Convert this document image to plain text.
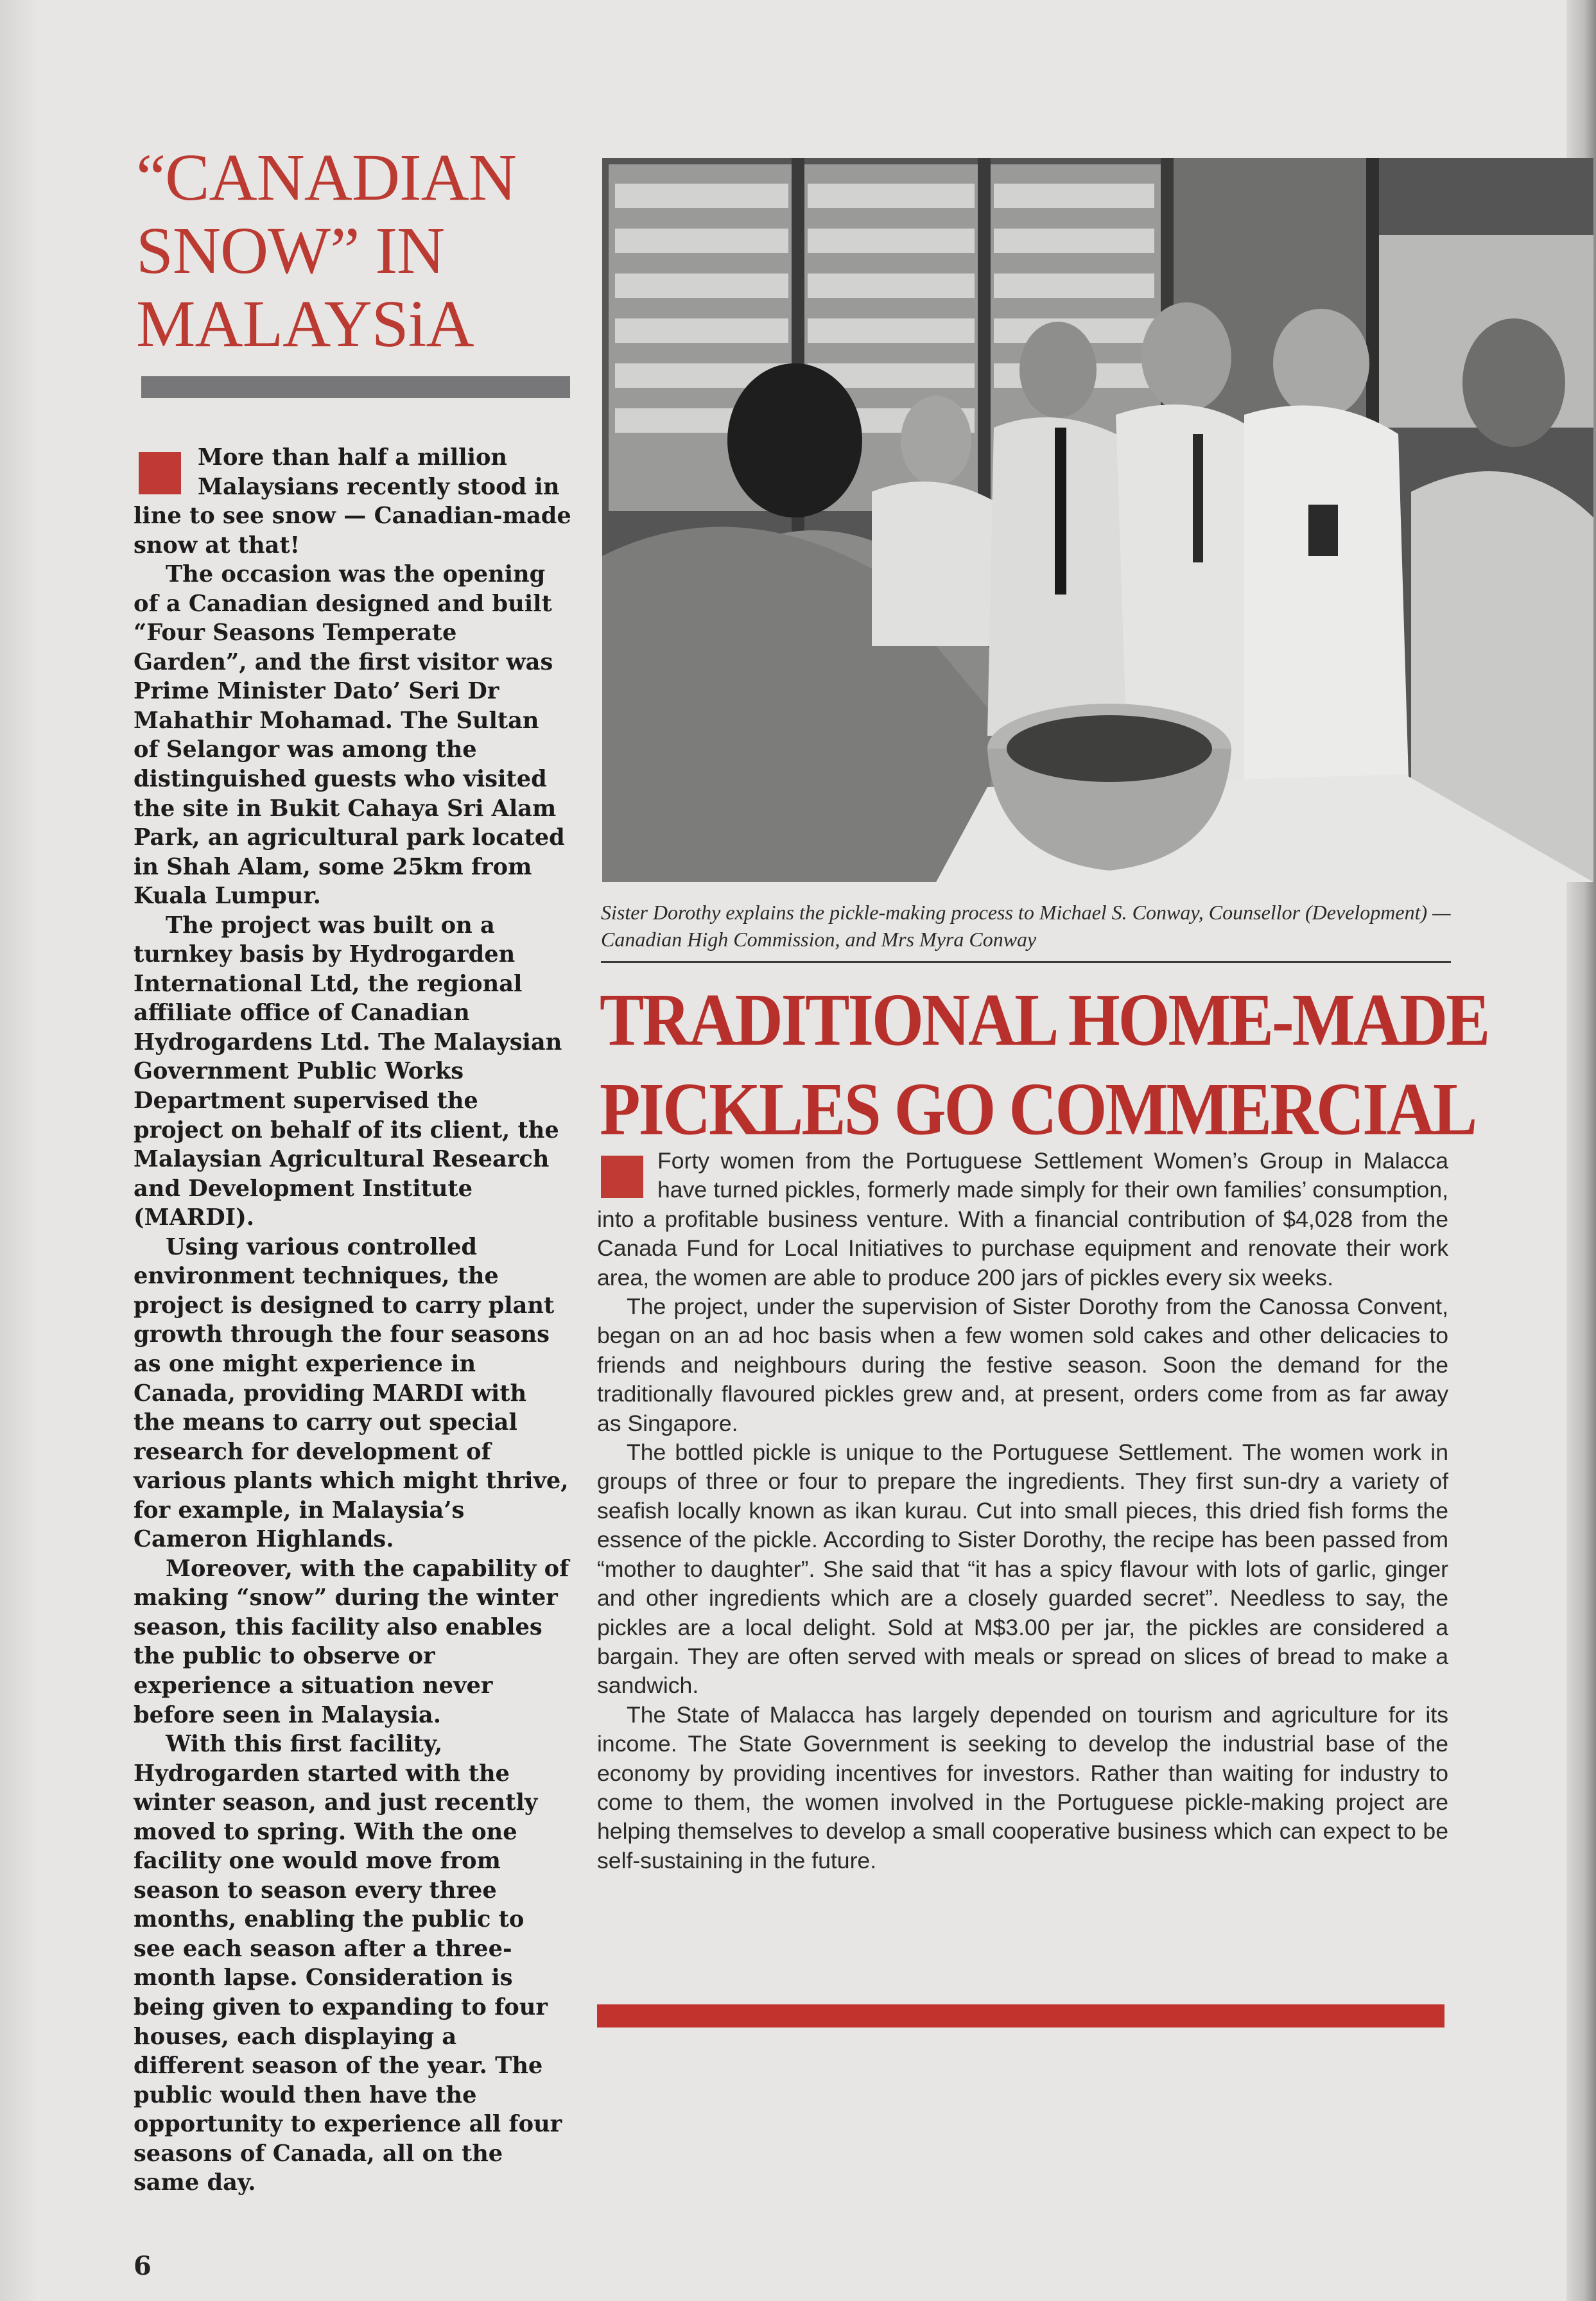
“CANADIAN
SNOW” IN
MALAYSiA

More than half a million Malaysians recently stood in line to see snow — Canadian-made snow at that!

The occasion was the opening of a Canadian designed and built “Four Seasons Temperate Garden”, and the first visitor was Prime Minister Dato’ Seri Dr Mahathir Mohamad. The Sultan of Selangor was among the distinguished guests who visited the site in Bukit Cahaya Sri Alam Park, an agricultural park located in Shah Alam, some 25km from Kuala Lumpur.

The project was built on a turnkey basis by Hydrogarden International Ltd, the regional affiliate office of Canadian Hydrogardens Ltd. The Malaysian Government Public Works Department supervised the project on behalf of its client, the Malaysian Agricultural Research and Development Institute (MARDI).

Using various controlled environment techniques, the project is designed to carry plant growth through the four seasons as one might experience in Canada, providing MARDI with the means to carry out special research for development of various plants which might thrive, for example, in Malaysia’s Cameron Highlands.

Moreover, with the capability of making “snow” during the winter season, this facility also enables the public to observe or experience a situation never before seen in Malaysia.

With this first facility, Hydrogarden started with the winter season, and just recently moved to spring. With the one facility one would move from season to season every three months, enabling the public to see each season after a three-month lapse. Consideration is being given to expanding to four houses, each displaying a different season of the year. The public would then have the opportunity to experience all four seasons of Canada, all on the same day.

Sister Dorothy explains the pickle-making process to Michael S. Conway, Counsellor (Development) — Canadian High Commission, and Mrs Myra Conway
TRADITIONAL HOME-MADE
PICKLES GO COMMERCIAL

Forty women from the Portuguese Settlement Women’s Group in Malacca have turned pickles, formerly made simply for their own families’ consumption, into a profitable business venture. With a financial contribution of $4,028 from the Canada Fund for Local Initiatives to purchase equipment and renovate their work area, the women are able to produce 200 jars of pickles every six weeks.

The project, under the supervision of Sister Dorothy from the Canossa Convent, began on an ad hoc basis when a few women sold cakes and other delicacies to friends and neighbours during the festive season. Soon the demand for the traditionally flavoured pickles grew and, at present, orders come from as far away as Singapore.

The bottled pickle is unique to the Portuguese Settlement. The women work in groups of three or four to prepare the ingredients. They first sun-dry a variety of seafish locally known as ikan kurau. Cut into small pieces, this dried fish forms the essence of the pickle. According to Sister Dorothy, the recipe has been passed from “mother to daughter”. She said that “it has a spicy flavour with lots of garlic, ginger and other ingredients which are a closely guarded secret”. Needless to say, the pickles are a local delight. Sold at M$3.00 per jar, the pickles are considered a bargain. They are often served with meals or spread on slices of bread to make a sandwich.

The State of Malacca has largely depended on tourism and agriculture for its income. The State Government is seeking to develop the industrial base of the economy by providing incentives for investors. Rather than waiting for industry to come to them, the women involved in the Portuguese pickle-making project are helping themselves to develop a small cooperative business which can expect to be self-sustaining in the future.

6
